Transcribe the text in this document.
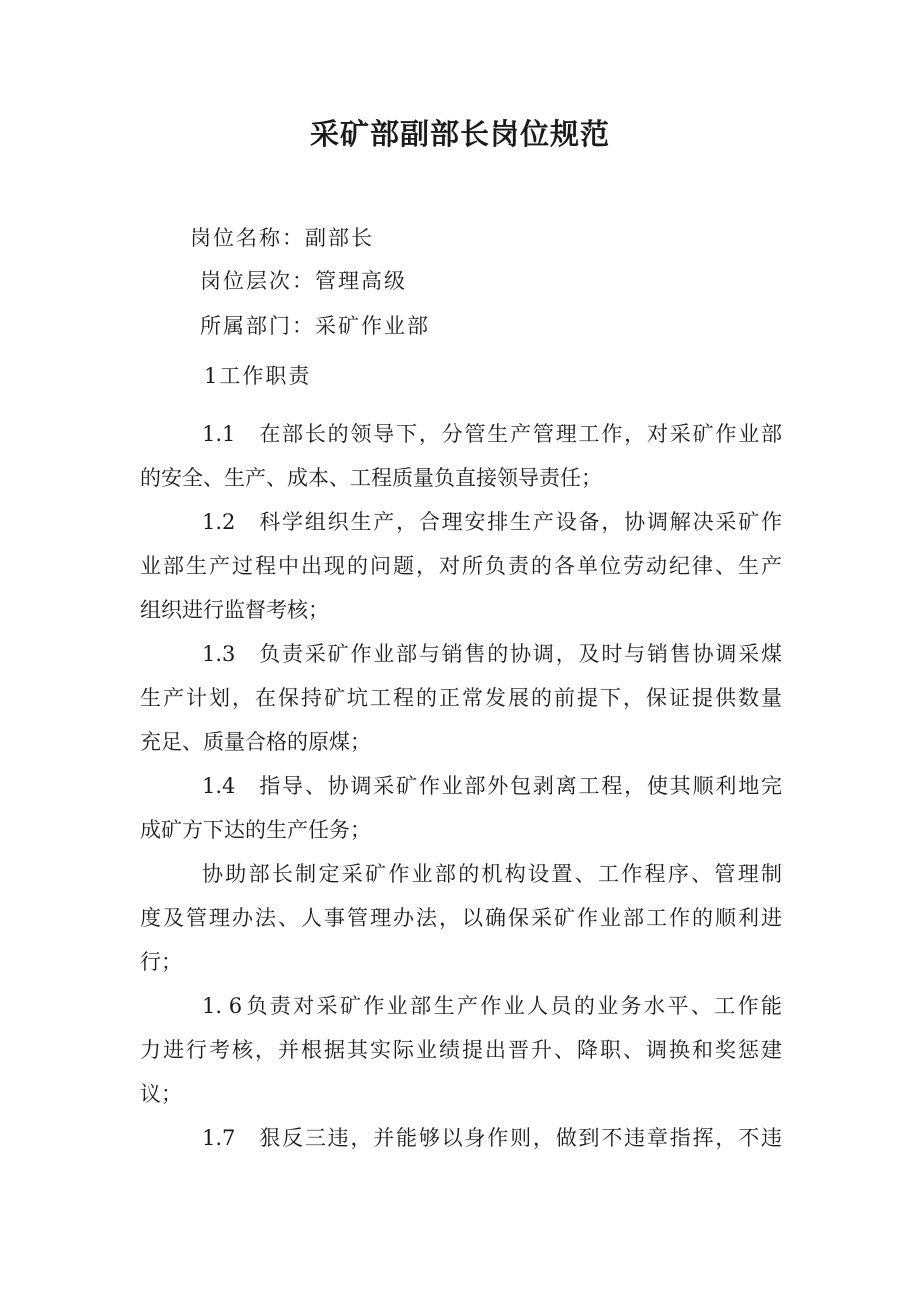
采矿部副部长岗位规范
岗位名称：副部长
岗位层次：管理高级
所属部门：采矿作业部
1工作职责
1.1 在部长的领导下，分管生产管理工作，对采矿作业部
的安全、生产、成本、工程质量负直接领导责任；
1.2 科学组织生产，合理安排生产设备，协调解决采矿作
业部生产过程中出现的问题，对所负责的各单位劳动纪律、生产
组织进行监督考核；
1.3 负责采矿作业部与销售的协调，及时与销售协调采煤
生产计划，在保持矿坑工程的正常发展的前提下，保证提供数量
充足、质量合格的原煤；
1.4 指导、协调采矿作业部外包剥离工程，使其顺利地完
成矿方下达的生产任务；
协助部长制定采矿作业部的机构设置、工作程序、管理制
度及管理办法、人事管理办法，以确保采矿作业部工作的顺利进
行；
1. 6负责对采矿作业部生产作业人员的业务水平、工作能
力进行考核，并根据其实际业绩提出晋升、降职、调换和奖惩建
议；
1.7 狠反三违，并能够以身作则，做到不违章指挥，不违
